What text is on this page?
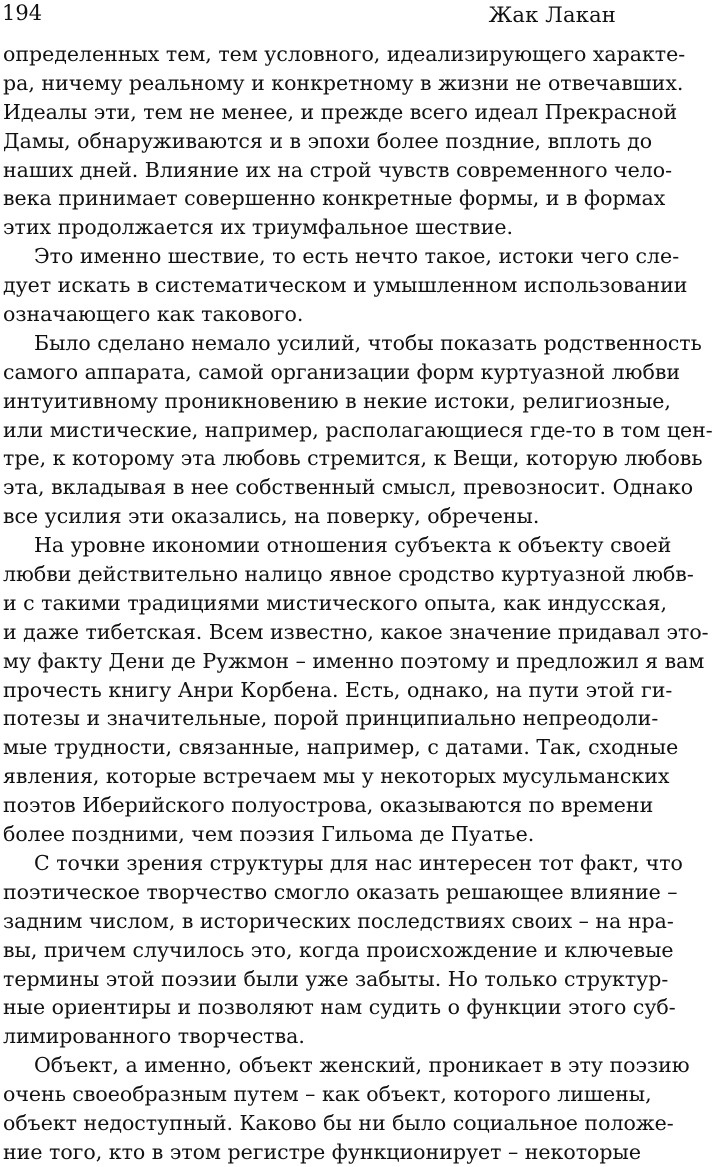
194	Жак Лакан
определенных тем, тем условного, идеализирующего характе-
ра, ничему реальному и конкретному в жизни не отвечавших.
Идеалы эти, тем не менее, и прежде всего идеал Прекрасной
Дамы, обнаруживаются и в эпохи более поздние, вплоть до
наших дней. Влияние их на строй чувств современного чело-
века принимает совершенно конкретные формы, и в формах
этих продолжается их триумфальное шествие.
Это именно шествие, то есть нечто такое, истоки чего сле-
дует искать в систематическом и умышленном использовании
означающего как такового.
Было сделано немало усилий, чтобы показать родственность
самого аппарата, самой организации форм куртуазной любви
интуитивному проникновению в некие истоки, религиозные,
или мистические, например, располагающиеся где-то в том цен-
тре, к которому эта любовь стремится, к Вещи, которую любовь
эта, вкладывая в нее собственный смысл, превозносит. Однако
все усилия эти оказались, на поверку, обречены.
На уровне икономии отношения субъекта к объекту своей
любви действительно налицо явное сродство куртуазной любв-
и с такими традициями мистического опыта, как индусская,
и даже тибетская. Всем известно, какое значение придавал это-
му факту Дени де Ружмон – именно поэтому и предложил я вам
прочесть книгу Анри Корбена. Есть, однако, на пути этой ги-
потезы и значительные, порой принципиально непреодоли-
мые трудности, связанные, например, с датами. Так, сходные
явления, которые встречаем мы у некоторых мусульманских
поэтов Иберийского полуострова, оказываются по времени
более поздними, чем поэзия Гильома де Пуатье.
С точки зрения структуры для нас интересен тот факт, что
поэтическое творчество смогло оказать решающее влияние –
задним числом, в исторических последствиях своих – на нра-
вы, причем случилось это, когда происхождение и ключевые
термины этой поэзии были уже забыты. Но только структур-
ные ориентиры и позволяют нам судить о функции этого суб-
лимированного творчества.
Объект, а именно, объект женский, проникает в эту поэзию
очень своеобразным путем – как объект, которого лишены,
объект недоступный. Каково бы ни было социальное положе-
ние того, кто в этом регистре функционирует – некоторые
